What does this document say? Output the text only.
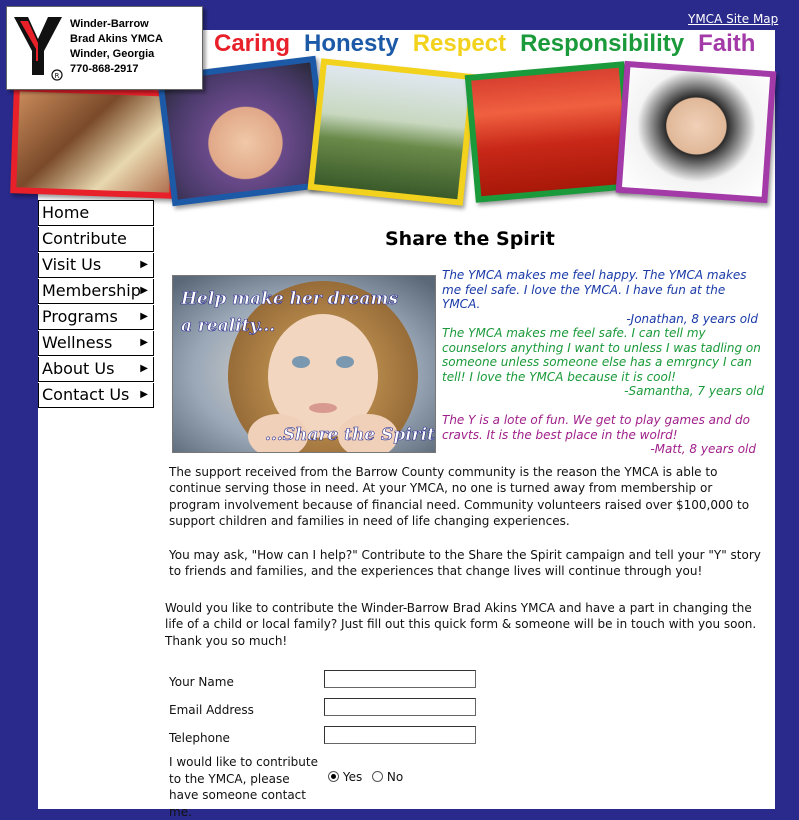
YMCA Site Map
R
Winder-Barrow
Brad Akins YMCA
Winder, Georgia
770-868-2917
Caring Honesty Respect Responsibility Faith
Home
Contribute
Visit Us	▶
Membership ▶
Programs ▶
Wellness	▶
About Us	▶
Contact Us ▶
Share the Spirit
Help make her dreams
a reality...
...Share the Spirit
The YMCA makes me feel happy. The YMCA makes me feel safe. I love the YMCA. I have fun at the YMCA.
-Jonathan, 8 years old
The YMCA makes me feel safe. I can tell my counselors anything I want to unless I was tadling on someone unless someone else has a emrgncy I can tell! I love the YMCA because it is cool!
-Samantha, 7 years old
The Y is a lote of fun. We get to play games and do cravts. It is the best place in the wolrd!
-Matt, 8 years old
The support received from the Barrow County community is the reason the YMCA is able to continue serving those in need. At your YMCA, no one is turned away from membership or program involvement because of financial need. Community volunteers raised over $100,000 to support children and families in need of life changing experiences.
You may ask, "How can I help?" Contribute to the Share the Spirit campaign and tell your "Y" story to friends and families, and the experiences that change lives will continue through you!
Would you like to contribute the Winder-Barrow Brad Akins YMCA and have a part in changing the life of a child or local family? Just fill out this quick form & someone will be in touch with you soon. Thank you so much!
Your Name
Email Address
Telephone
I would like to contribute to the YMCA, please have someone contact me.
Yes No
